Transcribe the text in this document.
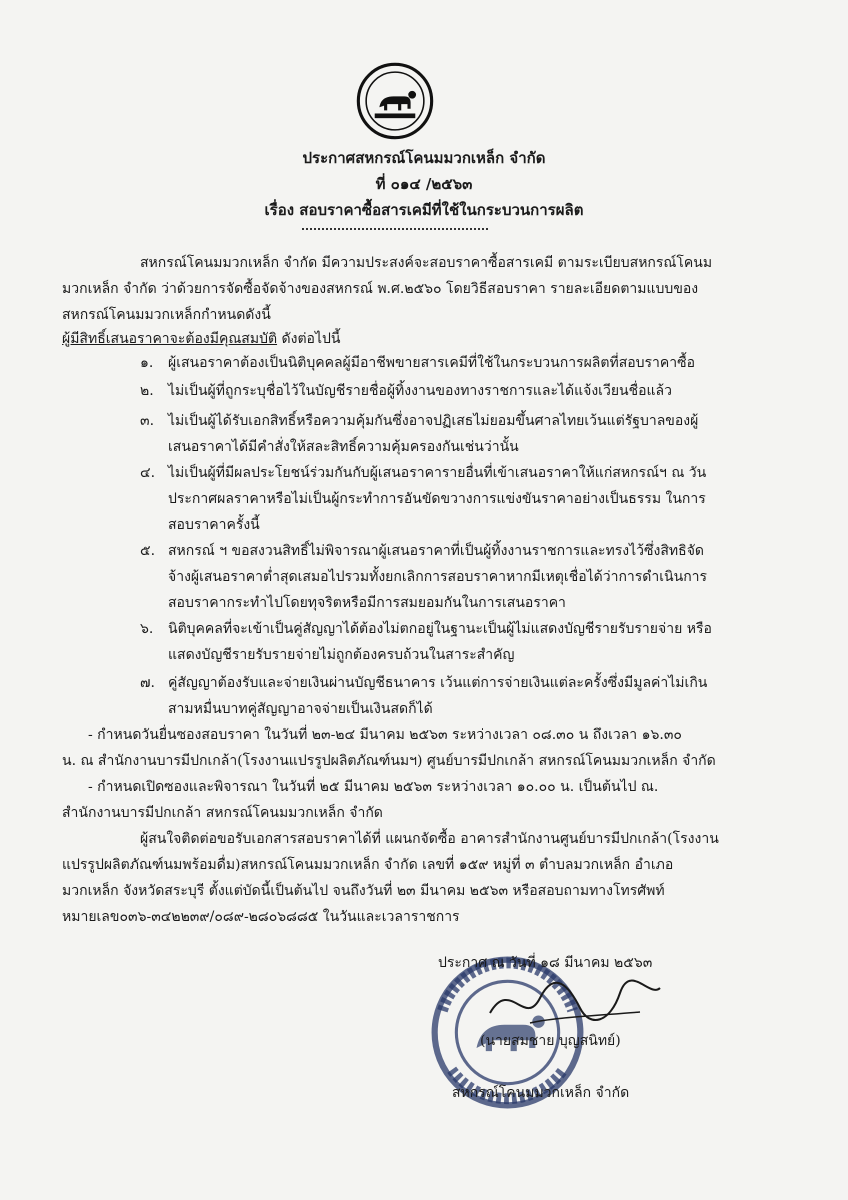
ประกาศสหกรณ์โคนมมวกเหล็ก จำกัด
ที่ ๐๑๔ /๒๕๖๓
เรื่อง สอบราคาซื้อสารเคมีที่ใช้ในกระบวนการผลิต
สหกรณ์โคนมมวกเหล็ก จำกัด มีความประสงค์จะสอบราคาซื้อสารเคมี ตามระเบียบสหกรณ์โคนม
มวกเหล็ก จำกัด ว่าด้วยการจัดซื้อจัดจ้างของสหกรณ์ พ.ศ.๒๕๖๐ โดยวิธีสอบราคา รายละเอียดตามแบบของ
สหกรณ์โคนมมวกเหล็กกำหนดดังนี้
ผู้มีสิทธิ์เสนอราคาจะต้องมีคุณสมบัติ ดังต่อไปนี้
๑. ผู้เสนอราคาต้องเป็นนิติบุคคลผู้มีอาชีพขายสารเคมีที่ใช้ในกระบวนการผลิตที่สอบราคาซื้อ
๒. ไม่เป็นผู้ที่ถูกระบุชื่อไว้ในบัญชีรายชื่อผู้ทิ้งงานของทางราชการและได้แจ้งเวียนชื่อแล้ว
๓. ไม่เป็นผู้ได้รับเอกสิทธิ์หรือความคุ้มกันซึ่งอาจปฏิเสธไม่ยอมขึ้นศาลไทยเว้นแต่รัฐบาลของผู้
เสนอราคาได้มีคำสั่งให้สละสิทธิ์ความคุ้มครองกันเช่นว่านั้น
๔. ไม่เป็นผู้ที่มีผลประโยชน์ร่วมกันกับผู้เสนอราคารายอื่นที่เข้าเสนอราคาให้แก่สหกรณ์ฯ ณ วัน
ประกาศผลราคาหรือไม่เป็นผู้กระทำการอันขัดขวางการแข่งขันราคาอย่างเป็นธรรม ในการ
สอบราคาครั้งนี้
๕. สหกรณ์ ฯ ขอสงวนสิทธิ์ไม่พิจารณาผู้เสนอราคาที่เป็นผู้ทิ้งงานราชการและทรงไว้ซึ่งสิทธิจัด
จ้างผู้เสนอราคาต่ำสุดเสมอไปรวมทั้งยกเลิกการสอบราคาหากมีเหตุเชื่อได้ว่าการดำเนินการ
สอบราคากระทำไปโดยทุจริตหรือมีการสมยอมกันในการเสนอราคา
๖. นิติบุคคลที่จะเข้าเป็นคู่สัญญาได้ต้องไม่ตกอยู่ในฐานะเป็นผู้ไม่แสดงบัญชีรายรับรายจ่าย หรือ
แสดงบัญชีรายรับรายจ่ายไม่ถูกต้องครบถ้วนในสาระสำคัญ
๗. คู่สัญญาต้องรับและจ่ายเงินผ่านบัญชีธนาคาร เว้นแต่การจ่ายเงินแต่ละครั้งซึ่งมีมูลค่าไม่เกิน
สามหมื่นบาทคู่สัญญาอาจจ่ายเป็นเงินสดก็ได้
- กำหนดวันยื่นซองสอบราคา ในวันที่ ๒๓-๒๔ มีนาคม ๒๕๖๓ ระหว่างเวลา ๐๘.๓๐ น ถึงเวลา ๑๖.๓๐
น. ณ สำนักงานบารมีปกเกล้า(โรงงานแปรรูปผลิตภัณฑ์นมฯ) ศูนย์บารมีปกเกล้า สหกรณ์โคนมมวกเหล็ก จำกัด
- กำหนดเปิดซองและพิจารณา ในวันที่ ๒๕ มีนาคม ๒๕๖๓ ระหว่างเวลา ๑๐.๐๐ น. เป็นต้นไป ณ.
สำนักงานบารมีปกเกล้า สหกรณ์โคนมมวกเหล็ก จำกัด
ผู้สนใจติดต่อขอรับเอกสารสอบราคาได้ที่ แผนกจัดซื้อ อาคารสำนักงานศูนย์บารมีปกเกล้า(โรงงาน
แปรรูปผลิตภัณฑ์นมพร้อมดื่ม)สหกรณ์โคนมมวกเหล็ก จำกัด เลขที่ ๑๕๙ หมู่ที่ ๓ ตำบลมวกเหล็ก อำเภอ
มวกเหล็ก จังหวัดสระบุรี ตั้งแต่บัดนี้เป็นต้นไป จนถึงวันที่ ๒๓ มีนาคม ๒๕๖๓ หรือสอบถามทางโทรศัพท์
หมายเลข๐๓๖-๓๔๒๒๓๙/๐๘๙-๒๘๐๖๘๘๕ ในวันและเวลาราชการ
ประกาศ ณ วันที่ ๑๘ มีนาคม ๒๕๖๓
(นายสมชาย บุญสนิทย์)
สหกรณ์โคนมมวกเหล็ก จำกัด
